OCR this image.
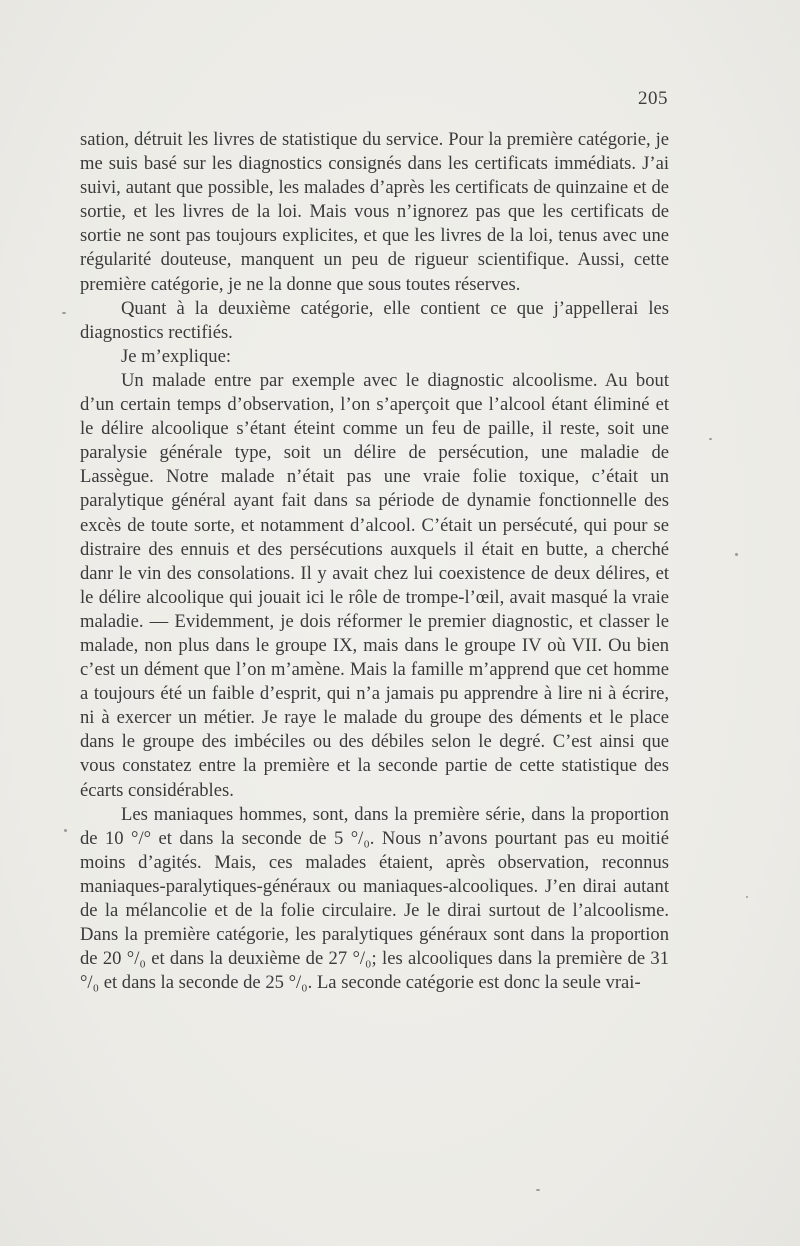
205

sation, détruit les livres de statistique du service. Pour la première catégorie, je me suis basé sur les diagnostics consignés dans les certificats immédiats. J’ai suivi, autant que possible, les malades d’après les certificats de quinzaine et de sortie, et les livres de la loi. Mais vous n’ignorez pas que les certificats de sortie ne sont pas toujours explicites, et que les livres de la loi, tenus avec une régularité douteuse, manquent un peu de rigueur scientifique. Aussi, cette première catégorie, je ne la donne que sous toutes réserves.

Quant à la deuxième catégorie, elle contient ce que j’appellerai les diagnostics rectifiés.

Je m’explique:

Un malade entre par exemple avec le diagnostic alcoolisme. Au bout d’un certain temps d’observation, l’on s’aperçoit que l’alcool étant éliminé et le délire alcoolique s’étant éteint comme un feu de paille, il reste, soit une paralysie générale type, soit un délire de persécution, une maladie de Lassègue. Notre malade n’était pas une vraie folie toxique, c’était un paralytique général ayant fait dans sa période de dynamie fonctionnelle des excès de toute sorte, et notamment d’alcool. C’était un persécuté, qui pour se distraire des ennuis et des persécutions auxquels il était en butte, a cherché danr le vin des consolations. Il y avait chez lui coexistence de deux délires, et le délire alcoolique qui jouait ici le rôle de trompe-l’œil, avait masqué la vraie maladie. — Evidemment, je dois réformer le premier diagnostic, et classer le malade, non plus dans le groupe IX, mais dans le groupe IV où VII. Ou bien c’est un dément que l’on m’amène. Mais la famille m’apprend que cet homme a toujours été un faible d’esprit, qui n’a jamais pu apprendre à lire ni à écrire, ni à exercer un métier. Je raye le malade du groupe des déments et le place dans le groupe des imbéciles ou des débiles selon le degré. C’est ainsi que vous constatez entre la première et la seconde partie de cette statistique des écarts considérables.

Les maniaques hommes, sont, dans la première série, dans la proportion de 10 °/° et dans la seconde de 5 °/₀. Nous n’avons pourtant pas eu moitié moins d’agités. Mais, ces malades étaient, après observation, reconnus maniaques-paralytiques-généraux ou maniaques-alcooliques. J’en dirai autant de la mélancolie et de la folie circulaire. Je le dirai surtout de l’alcoolisme. Dans la première catégorie, les paralytiques généraux sont dans la proportion de 20 °/₀ et dans la deuxième de 27 °/₀; les alcooliques dans la première de 31 °/₀ et dans la seconde de 25 °/₀. La seconde catégorie est donc la seule vrai-
